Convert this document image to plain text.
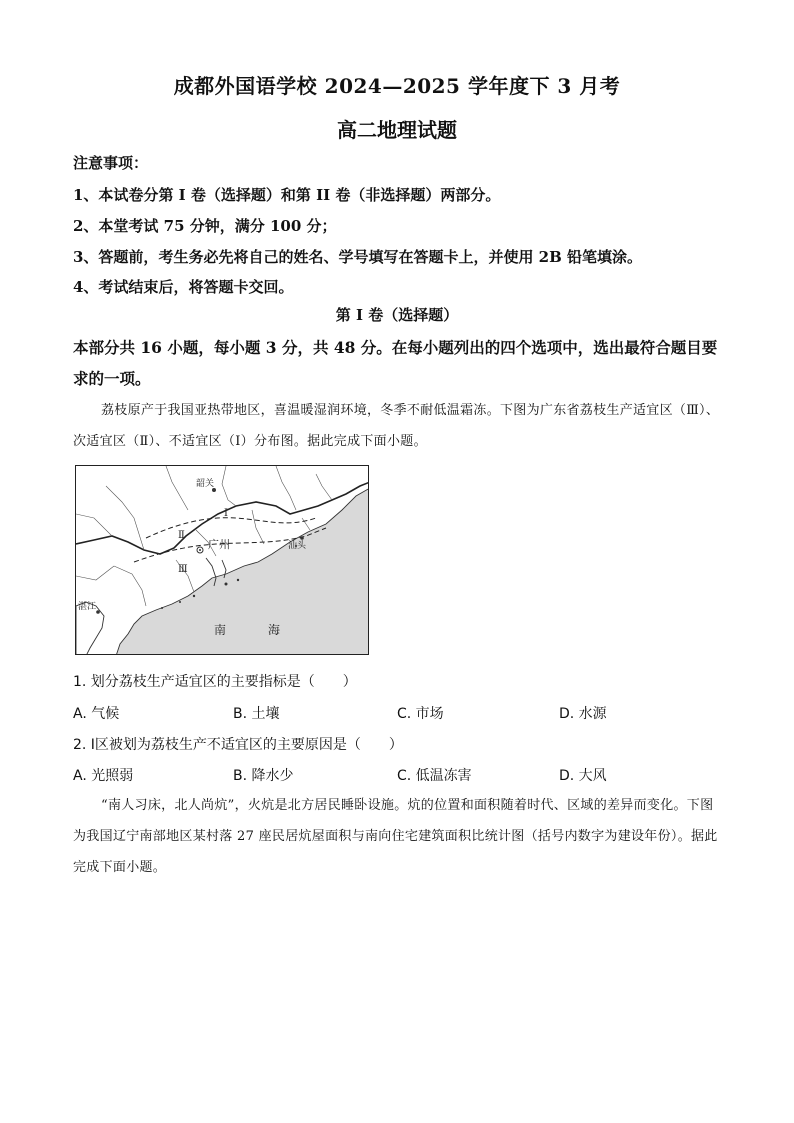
成都外国语学校 2024—2025 学年度下 3 月考
高二地理试题
注意事项：
1、本试卷分第 I 卷（选择题）和第 II 卷（非选择题）两部分。
2、本堂考试 75 分钟，满分 100 分；
3、答题前，考生务必先将自己的姓名、学号填写在答题卡上，并使用 2B 铅笔填涂。
4、考试结束后，将答题卡交回。
第 I 卷（选择题）
本部分共 16 小题，每小题 3 分，共 48 分。在每小题列出的四个选项中，选出最符合题目要求的一项。
荔枝原产于我国亚热带地区，喜温暖湿润环境，冬季不耐低温霜冻。下图为广东省荔枝生产适宜区（Ⅲ）、次适宜区（Ⅱ）、不适宜区（Ⅰ）分布图。据此完成下面小题。
韶关
广州	汕头
湛江
Ⅰ
Ⅱ
Ⅲ
南	海
1. 划分荔枝生产适宜区的主要指标是（　　）
A. 气候	B. 土壤	C. 市场	D. 水源
2. Ⅰ区被划为荔枝生产不适宜区的主要原因是（　　）
A. 光照弱	B. 降水少	C. 低温冻害	D. 大风
“南人习床，北人尚炕”，火炕是北方居民睡卧设施。炕的位置和面积随着时代、区域的差异而变化。下图为我国辽宁南部地区某村落 27 座民居炕屋面积与南向住宅建筑面积比统计图（括号内数字为建设年份）。据此完成下面小题。
